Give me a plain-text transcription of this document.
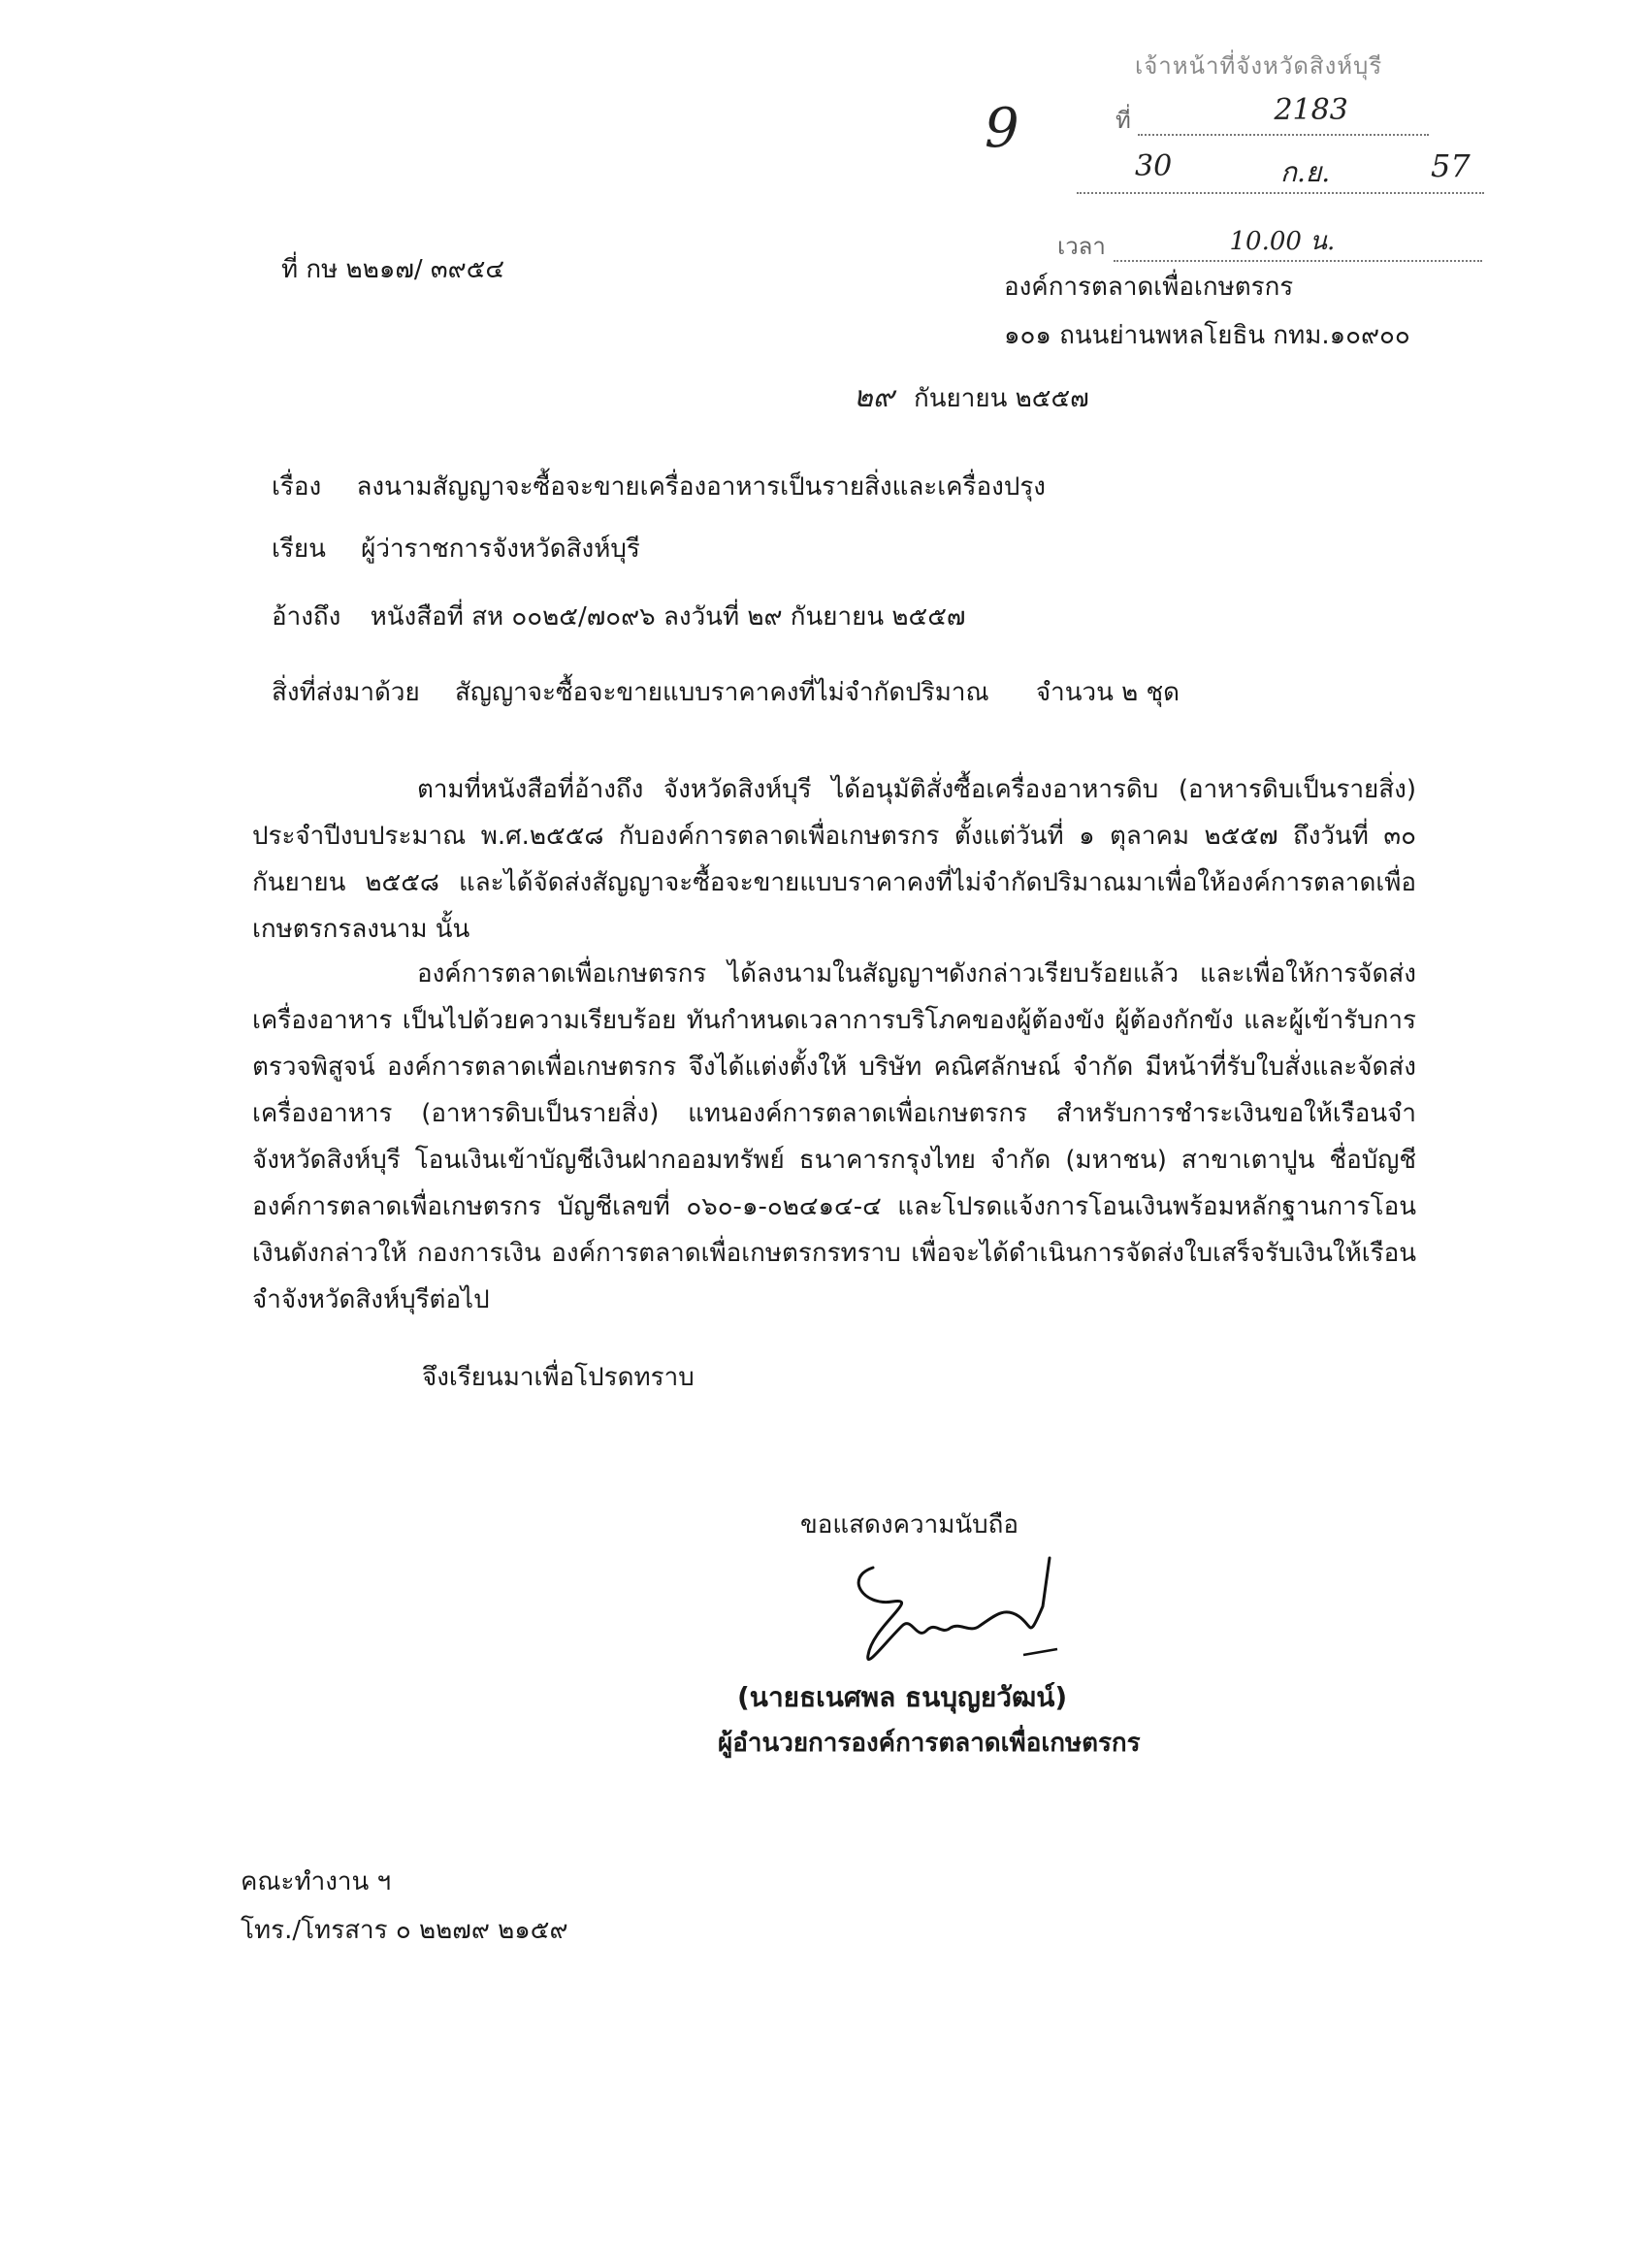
เจ้าหน้าที่จังหวัดสิงห์บุรี
ที่	2183

30	ก.ย.	57

เวลา	10.00 น.

9
ที่ กษ ๒๒๑๗/ ๓๙๕๔
องค์การตลาดเพื่อเกษตรกร
๑๐๑ ถนนย่านพหลโยธิน กทม.๑๐๙๐๐
๒๙ กันยายน ๒๕๕๗
เรื่อง ลงนามสัญญาจะซื้อจะขายเครื่องอาหารเป็นรายสิ่งและเครื่องปรุง
เรียน ผู้ว่าราชการจังหวัดสิงห์บุรี
อ้างถึง หนังสือที่ สห ๐๐๒๕/๗๐๙๖ ลงวันที่ ๒๙ กันยายน ๒๕๕๗
สิ่งที่ส่งมาด้วย สัญญาจะซื้อจะขายแบบราคาคงที่ไม่จำกัดปริมาณ จำนวน ๒ ชุด

ตามที่หนังสือที่อ้างถึง จังหวัดสิงห์บุรี ได้อนุมัติสั่งซื้อเครื่องอาหารดิบ (อาหารดิบเป็นรายสิ่ง) ประจำปีงบประมาณ พ.ศ.๒๕๕๘ กับองค์การตลาดเพื่อเกษตรกร ตั้งแต่วันที่ ๑ ตุลาคม ๒๕๕๗ ถึงวันที่ ๓๐ กันยายน ๒๕๕๘ และได้จัดส่งสัญญาจะซื้อจะขายแบบราคาคงที่ไม่จำกัดปริมาณมาเพื่อให้องค์การตลาดเพื่อเกษตรกรลงนาม นั้น

องค์การตลาดเพื่อเกษตรกร ได้ลงนามในสัญญาฯดังกล่าวเรียบร้อยแล้ว และเพื่อให้การจัดส่งเครื่องอาหาร เป็นไปด้วยความเรียบร้อย ทันกำหนดเวลาการบริโภคของผู้ต้องขัง ผู้ต้องกักขัง และผู้เข้ารับการตรวจพิสูจน์ องค์การตลาดเพื่อเกษตรกร จึงได้แต่งตั้งให้ บริษัท คณิศลักษณ์ จำกัด มีหน้าที่รับใบสั่งและจัดส่งเครื่องอาหาร (อาหารดิบเป็นรายสิ่ง) แทนองค์การตลาดเพื่อเกษตรกร สำหรับการชำระเงินขอให้เรือนจำจังหวัดสิงห์บุรี โอนเงินเข้าบัญชีเงินฝากออมทรัพย์ ธนาคารกรุงไทย จำกัด (มหาชน) สาขาเตาปูน ชื่อบัญชีองค์การตลาดเพื่อเกษตรกร บัญชีเลขที่ ๐๖๐-๑-๐๒๔๑๔-๔ และโปรดแจ้งการโอนเงินพร้อมหลักฐานการโอนเงินดังกล่าวให้ กองการเงิน องค์การตลาดเพื่อเกษตรกรทราบ เพื่อจะได้ดำเนินการจัดส่งใบเสร็จรับเงินให้เรือนจำจังหวัดสิงห์บุรีต่อไป

จึงเรียนมาเพื่อโปรดทราบ
ขอแสดงความนับถือ
(นายธเนศพล ธนบุญยวัฒน์)
ผู้อำนวยการองค์การตลาดเพื่อเกษตรกร
คณะทำงาน ฯ
โทร./โทรสาร ๐ ๒๒๗๙ ๒๑๕๙
